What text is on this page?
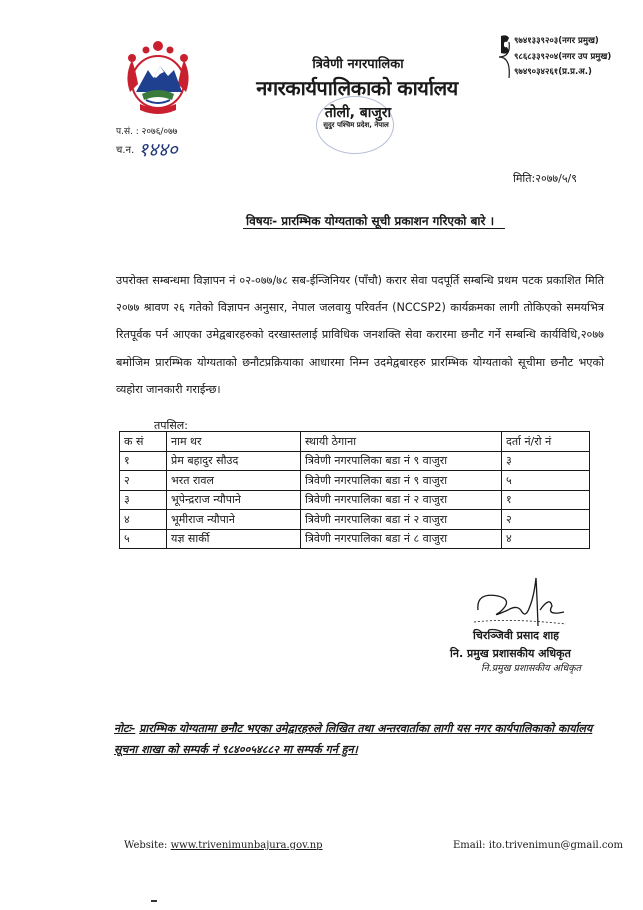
त्रिवेणी नगरपालिका
नगरकार्यपालिकाको कार्यालय
तोली, बाजुरा
सुदुर पश्चिम प्रदेश, नेपाल
९७४१३३९२०३(नगर प्रमुख)
९८६८३३९२०४(नगर उप प्रमुख)
९७४९०३४२६१(प्र.प्र.अ.)
प.सं. : २०७६/०७७
च.न. १४४०
मिति:२०७७/५/९
विषयः- प्रारम्भिक योग्यताको सूची प्रकाशन गरिएको बारे ।
उपरोक्त सम्बन्धमा विज्ञापन नं ०२-०७७/७८ सब-ईन्जिनियर (पाँचौ) करार सेवा पदपूर्ति सम्बन्धि प्रथम पटक प्रकाशित मिति २०७७ श्रावण २६ गतेको विज्ञापन अनुसार, नेपाल जलवायु परिवर्तन (NCCSP2) कार्यक्रमका लागी तोकिएको समयभित्र रितपूर्वक पर्न आएका उमेद्वबारहरुको दरखास्तलाई प्राविधिक जनशक्ति सेवा करारमा छनौट गर्ने सम्बन्धि कार्यविधि,२०७७ बमोजिम प्रारम्भिक योग्यताको छनौटप्रक्रियाका आधारमा निम्न उदमेद्वबारहरु प्रारम्भिक योग्यताको सूचीमा छनौट भएको व्यहोरा जानकारी गराईन्छ।
तपसिल:
क सं	नाम थर	स्थायी ठेगाना	दर्ता नं/रो नं
१	प्रेम बहादुर सौउद	त्रिवेणी नगरपालिका बडा नं ९ वाजुरा	३
२	भरत रावल	त्रिवेणी नगरपालिका बडा नं ९ वाजुरा	५
३	भूपेन्द्रराज न्यौपाने	त्रिवेणी नगरपालिका बडा नं २ वाजुरा	१
४	भूमीराज न्यौपाने	त्रिवेणी नगरपालिका बडा नं २ वाजुरा	२
५	यज्ञ सार्की	त्रिवेणी नगरपालिका बडा नं ८ वाजुरा	४
चिरञ्जिवी प्रसाद शाह
नि. प्रमुख प्रशासकीय अधिकृत
नि.प्रमुख प्रशासकीय अधिकृत
नोटः- प्रारम्भिक योग्यतामा छनौट भएका उमेद्वारहरुले लिखित तथा अन्तरवार्ताका लागी यस नगर कार्यपालिकाको कार्यालय सूचना शाखा को सम्पर्क नं ९८४००५४८८२ मा सम्पर्क गर्न हुन।
Website: www.trivenimunbajura.gov.np	Email: ito.trivenimun@gmail.com
